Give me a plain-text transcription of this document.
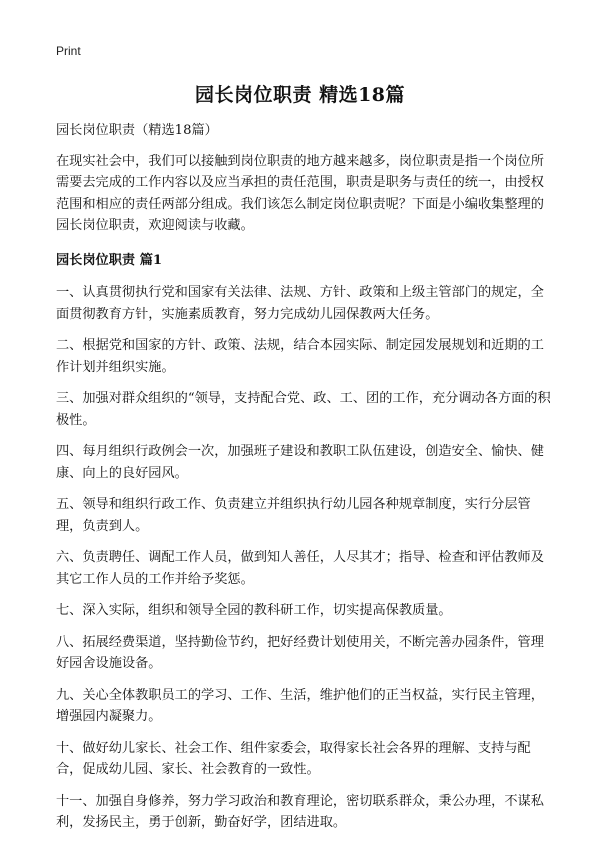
Print
园长岗位职责 精选18篇

园长岗位职责（精选18篇）

在现实社会中，我们可以接触到岗位职责的地方越来越多，岗位职责是指一个岗位所需要去完成的工作内容以及应当承担的责任范围，职责是职务与责任的统一，由授权范围和相应的责任两部分组成。我们该怎么制定岗位职责呢？下面是小编收集整理的园长岗位职责，欢迎阅读与收藏。

园长岗位职责 篇1

一、认真贯彻执行党和国家有关法律、法规、方针、政策和上级主管部门的规定，全面贯彻教育方针，实施素质教育，努力完成幼儿园保教两大任务。

二、根据党和国家的方针、政策、法规，结合本园实际、制定园发展规划和近期的工作计划并组织实施。

三、加强对群众组织的“领导，支持配合党、政、工、团的工作，充分调动各方面的积极性。

四、每月组织行政例会一次，加强班子建设和教职工队伍建设，创造安全、愉快、健康、向上的良好园风。

五、领导和组织行政工作、负责建立并组织执行幼儿园各种规章制度，实行分层管理，负责到人。

六、负责聘任、调配工作人员，做到知人善任，人尽其才；指导、检查和评估教师及其它工作人员的工作并给予奖惩。

七、深入实际，组织和领导全园的教科研工作，切实提高保教质量。

八、拓展经费渠道，坚持勤俭节约，把好经费计划使用关，不断完善办园条件，管理好园舍设施设备。

九、关心全体教职员工的学习、工作、生活，维护他们的正当权益，实行民主管理，增强园内凝聚力。

十、做好幼儿家长、社会工作、组件家委会，取得家长社会各界的理解、支持与配合，促成幼儿园、家长、社会教育的一致性。

十一、加强自身修养，努力学习政治和教育理论，密切联系群众，秉公办理，不谋私利，发扬民主，勇于创新，勤奋好学，团结进取。
